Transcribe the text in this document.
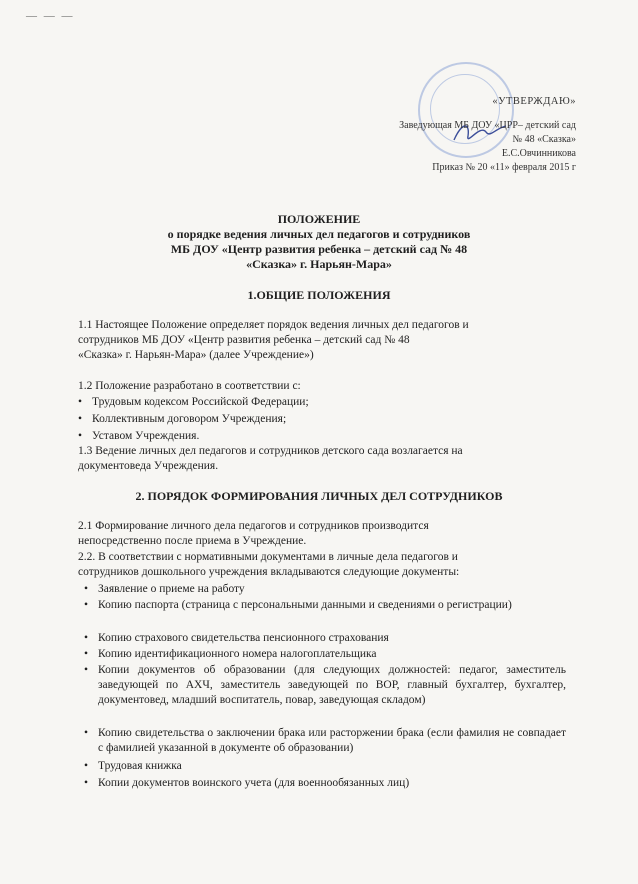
— — —
«УТВЕРЖДАЮ»
Заведующая МБ ДОУ «ЦРР– детский сад
№ 48 «Сказка»
Е.С.Овчинникова
Приказ № 20 «11» февраля 2015 г
ПОЛОЖЕНИЕ
о порядке ведения личных дел педагогов и сотрудников
МБ ДОУ «Центр развития ребенка – детский сад № 48
«Сказка» г. Нарьян-Мара»
1.ОБЩИЕ ПОЛОЖЕНИЯ
1.1 Настоящее Положение определяет порядок ведения личных дел педагогов и
сотрудников МБ ДОУ «Центр развития ребенка – детский сад № 48
«Сказка» г. Нарьян-Мара» (далее Учреждение»)
1.2 Положение разработано в соответствии с:
• Трудовым кодексом Российской Федерации;
• Коллективным договором Учреждения;
• Уставом Учреждения.
1.3 Ведение личных дел педагогов и сотрудников детского сада возлагается на
документоведа Учреждения.
2. ПОРЯДОК ФОРМИРОВАНИЯ ЛИЧНЫХ ДЕЛ СОТРУДНИКОВ
2.1 Формирование личного дела педагогов и сотрудников производится
непосредственно после приема в Учреждение.
2.2. В соответствии с нормативными документами в личные дела педагогов и
сотрудников дошкольного учреждения вкладываются следующие документы:
• Заявление о приеме на работу
• Копию паспорта (страница с персональными данными и сведениями о регистрации)
• Копию страхового свидетельства пенсионного страхования
• Копию идентификационного номера налогоплательщика
• Копии документов об образовании (для следующих должностей: педагог, заместитель заведующей по АХЧ, заместитель заведующей по ВОР, главный бухгалтер, бухгалтер, документовед, младший воспитатель, повар, заведующая складом)
• Копию свидетельства о заключении брака или расторжении брака (если фамилия не совпадает с фамилией указанной в документе об образовании)
• Трудовая книжка
• Копии документов воинского учета (для военнообязанных лиц)
